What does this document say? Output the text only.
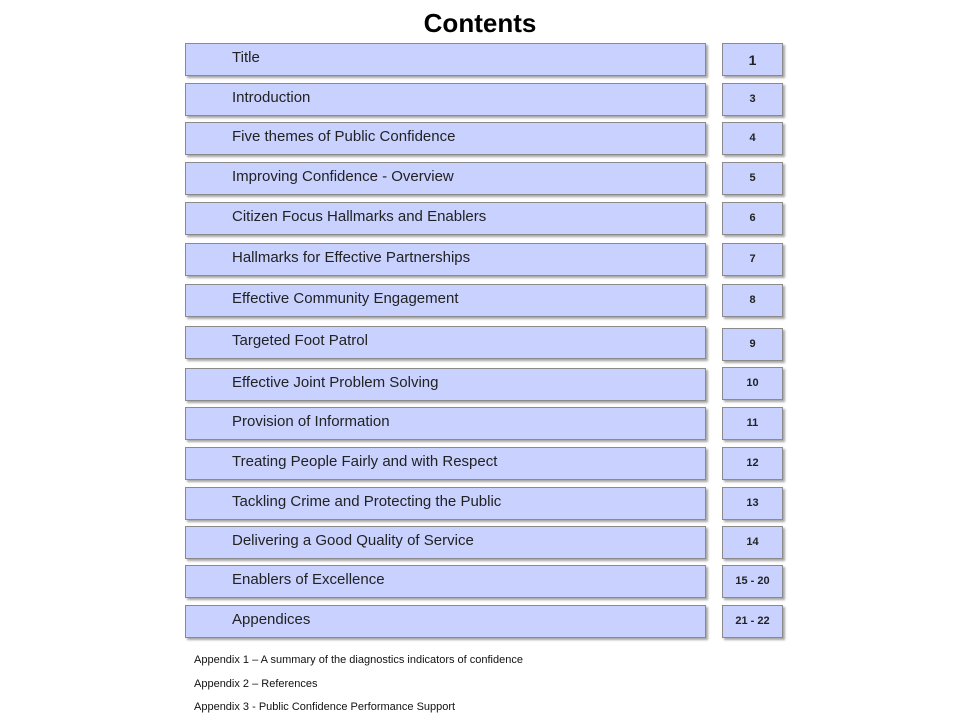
Contents
Title	1
Introduction	3
Five themes of Public Confidence	4
Improving Confidence - Overview	5
Citizen Focus Hallmarks and Enablers	6
Hallmarks for Effective Partnerships	7
Effective Community Engagement	8
Targeted Foot Patrol	9
Effective Joint Problem Solving	10
Provision of Information	11
Treating People Fairly and with Respect	12
Tackling Crime and Protecting the Public	13
Delivering a Good Quality of Service	14
Enablers of Excellence	15 - 20
Appendices	21 - 22
Appendix 1 – A summary of the diagnostics indicators of confidence
Appendix 2 – References
Appendix 3 - Public Confidence Performance Support
